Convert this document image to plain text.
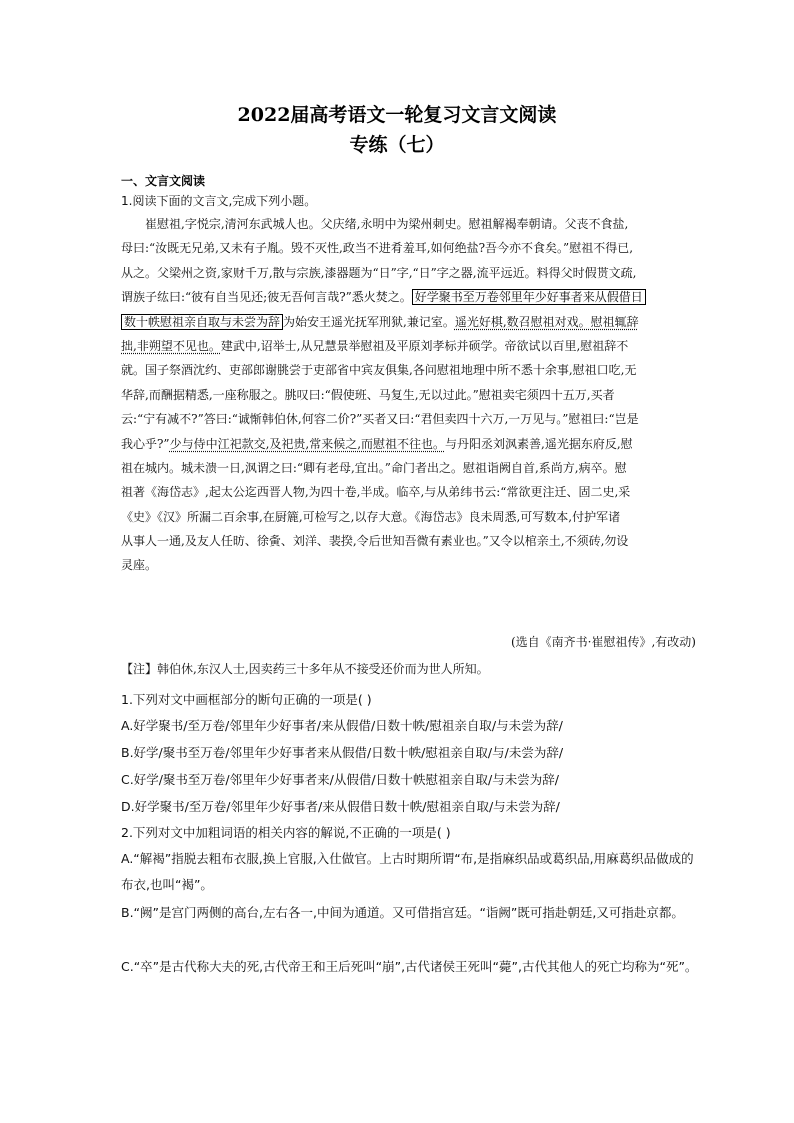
2022届高考语文一轮复习文言文阅读
专练（七）
一、文言文阅读
1.阅读下面的文言文,完成下列小题。
崔慰祖,字悦宗,清河东武城人也。父庆绪,永明中为梁州刺史。慰祖解褐奉朝请。父丧不食盐,
母曰:“汝既无兄弟,又未有子胤。毁不灭性,政当不进肴羞耳,如何绝盐?吾今亦不食矣。”慰祖不得已,
从之。父梁州之资,家财千万,散与宗族,漆器题为“日”字,“日”字之器,流平远近。料得父时假贳文疏,
谓族子纮曰:“彼有自当见还;彼无吾何言哉?”悉火焚之。 好学聚书至万卷邻里年少好事者来从假借日
数十帙慰祖亲自取与未尝为辞 为始安王遥光抚军刑狱,兼记室。遥光好棋,数召慰祖对戏。慰祖辄辞
拙,非朔望不见也。建武中,诏举士,从兄慧景举慰祖及平原刘孝标并硕学。帝欲试以百里,慰祖辞不
就。国子祭酒沈约、吏部郎谢朓尝于吏部省中宾友俱集,各问慰祖地理中所不悉十余事,慰祖口吃,无
华辞,而酬据精悉,一座称服之。朓叹曰:“假使班、马复生,无以过此。”慰祖卖宅须四十五万,买者
云:“宁有减不?”答曰:“诚惭韩伯休,何容二价?”买者又曰:“君但卖四十六万,一万见与。”慰祖曰:“岂是
我心乎?”少与侍中江祀款交,及祀贵,常来候之,而慰祖不往也。与丹阳丞刘沨素善,遥光据东府反,慰
祖在城内。城未溃一日,沨谓之曰:“卿有老母,宜出。”命门者出之。慰祖诣阙自首,系尚方,病卒。慰
祖著《海岱志》,起太公迄西晋人物,为四十卷,半成。临卒,与从弟纬书云:“常欲更注迁、固二史,采
《史》《汉》所漏二百余事,在厨簏,可检写之,以存大意。《海岱志》良未周悉,可写数本,付护军诸
从事人一通,及友人任昉、徐夤、刘洋、裴揆,令后世知吾微有素业也。”又令以棺亲土,不须砖,勿设
灵座。
(选自《南齐书·崔慰祖传》,有改动)
【注】韩伯休,东汉人士,因卖药三十多年从不接受还价而为世人所知。
1.下列对文中画框部分的断句正确的一项是( )
A.好学聚书/至万卷/邻里年少好事者/来从假借/日数十帙/慰祖亲自取/与未尝为辞/
B.好学/聚书至万卷/邻里年少好事者来从假借/日数十帙/慰祖亲自取/与/未尝为辞/
C.好学/聚书至万卷/邻里年少好事者来/从假借/日数十帙慰祖亲自取/与未尝为辞/
D.好学聚书/至万卷/邻里年少好事者/来从假借日数十帙/慰祖亲自取/与未尝为辞/
2.下列对文中加粗词语的相关内容的解说,不正确的一项是( )
A.“解褐”指脱去粗布衣服,换上官服,入仕做官。上古时期所谓“布,是指麻织品或葛织品,用麻葛织品做成的布衣,也叫“褐”。
B.“阙”是宫门两侧的高台,左右各一,中间为通道。又可借指宫廷。“诣阙”既可指赴朝廷,又可指赴京都。
C.“卒”是古代称大夫的死,古代帝王和王后死叫“崩”,古代诸侯王死叫“薨”,古代其他人的死亡均称为“死”。
